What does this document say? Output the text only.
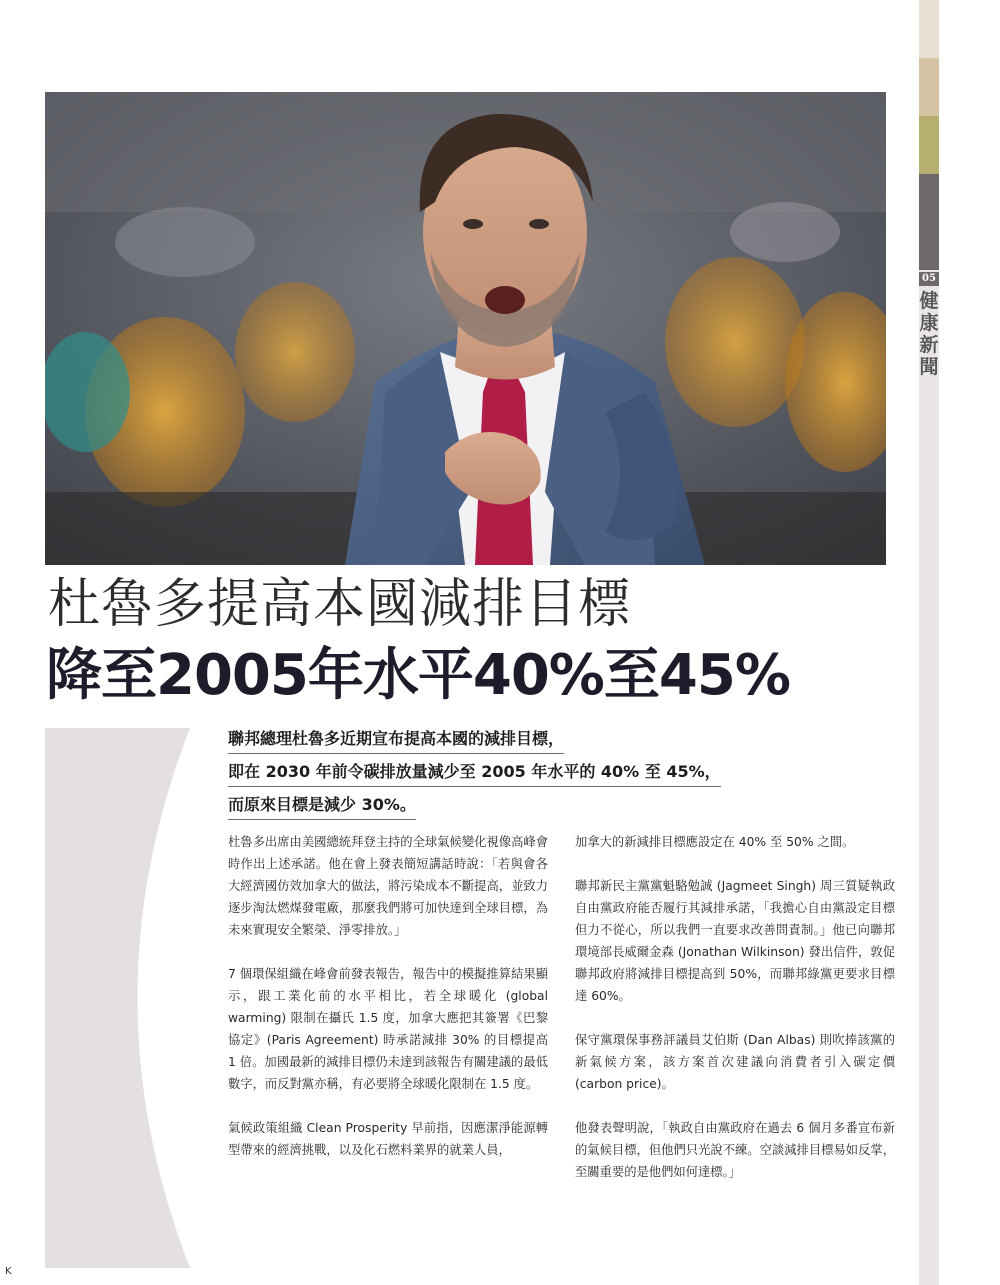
05
健康新聞
杜魯多提高本國減排目標
降至2005年水平40%至45%
聯邦總理杜魯多近期宣布提高本國的減排目標，
即在 2030 年前令碳排放量減少至 2005 年水平的 40% 至 45%，
而原來目標是減少 30%。

杜魯多出席由美國總統拜登主持的全球氣候變化視像高峰會時作出上述承諾。他在會上發表簡短講話時說：「若與會各大經濟國仿效加拿大的做法，將污染成本不斷提高，並致力逐步淘汰燃煤發電廠，那麼我們將可加快達到全球目標，為未來實現安全繁榮、淨零排放。」

7 個環保組織在峰會前發表報告，報告中的模擬推算結果顯示，跟工業化前的水平相比，若全球暖化 (global warming) 限制在攝氏 1.5 度，加拿大應把其簽署《巴黎協定》(Paris Agreement) 時承諾減排 30% 的目標提高 1 倍。加國最新的減排目標仍未達到該報告有關建議的最低數字，而反對黨亦稱，有必要將全球暖化限制在 1.5 度。

氣候政策組織 Clean Prosperity 早前指，因應潔淨能源轉型帶來的經濟挑戰，以及化石燃料業界的就業人員，

加拿大的新減排目標應設定在 40% 至 50% 之間。

聯邦新民主黨黨魁駱勉誠 (Jagmeet Singh) 周三質疑執政自由黨政府能否履行其減排承諾，「我擔心自由黨設定目標但力不從心，所以我們一直要求改善問責制。」他已向聯邦環境部長威爾金森 (Jonathan Wilkinson) 發出信件，敦促聯邦政府將減排目標提高到 50%，而聯邦綠黨更要求目標達 60%。

保守黨環保事務評議員艾伯斯 (Dan Albas) 則吹捧該黨的新氣候方案，該方案首次建議向消費者引入碳定價 (carbon price)。

他發表聲明說，「執政自由黨政府在過去 6 個月多番宣布新的氣候目標，但他們只光說不練。空談減排目標易如反掌，至關重要的是他們如何達標。」

K
